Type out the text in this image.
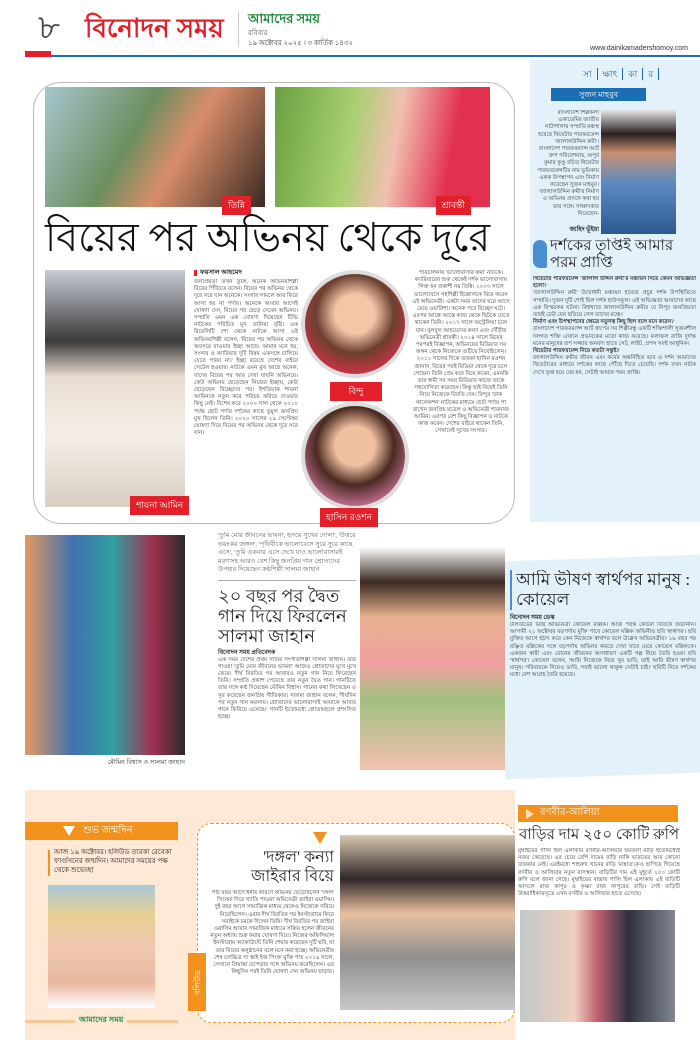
৮ বিনোদন সময়	আমাদের সময়
রবিবার
১৯ অক্টোবর ২০২৫ । ৩ কার্তিক ১৪৩২
www.dainikamadershomoy.com
তিন্নি	শ্রাবন্তী
বিয়ের পর অভিনয় থেকে দূরে
শায়না আমিন
ফয়সাল আহমেদ
জনপ্রিয়তা তখন তুঙ্গে, অনেক অভিনয়শিল্পী বিয়ের পিঁড়িতে বসেন। বিয়ের পর অভিনয় থেকে দূরে সরে যান অনেকে। সংসার সামলে আর ফিরে আসা হয় না পর্দায়। অনেকে আবার আগেই ঘোষণা দেন, বিয়ের পর ছেড়ে দেবেন অভিনয়। সম্প্রতি এমন এক ঘোষণা দিয়েছেন টিভি নাটকের পরিচিত মুখ তানিয়া বৃষ্টি। এক রিয়েলিটি শো থেকে নাটকে আসা এই অভিনয়শিল্পী বলেন, 'বিয়ের পর অভিনয় থেকে অবসরে যাওয়ার ইচ্ছা আছে। আমার মনে হয়, সংসার ও ক্যারিয়ার দুটি বিষয় একসঙ্গে চালিয়ে যেতে পারব না।' ইচ্ছা রয়েছে দেশের বাইরে সেটেল হওয়ার। নাটকে এমন মুখ আছে অনেক, যাদের বিয়ের পর আর দেখা যায়নি অভিনয়ে। কেউ অভিনয় ছেড়েছেন নিজের ইচ্ছায়, কেউ ছেড়েছেন বিচ্ছেদের পর। ইশতিয়াক শায়না আমিনকে নতুন করে পরিচয় করিয়ে দেওয়ার কিছু নেই। বিশেষ করে ২০০০ সাল থেকে ২০১০ পর্যন্ত ছোট পর্দার দর্শকের কাছে তুমুল জনপ্রিয় মুখ ছিলেন তিনি। ২০২০ সালের ২৯ সেপ্টেম্বর ঘোষণা দিয়ে বিয়ের পর অভিনয় থেকে দূরে সরে যান।
বিন্দু
হাসিন রওশন
পরিচালনায় 'ভালোবাসার কথা' নাটকে। ক্যারিয়ারের শুরু থেকেই দর্শক ভালোবাসায় সিক্ত হন প্রকাশী নয় তিন্নি। ২০০৩ সালে ভালোবেসে সহশিল্পী হিল্লোলকে বিয়ে করেন এই অভিনেত্রী। একটা সময় তাদের ঘরে আসে মেয়ে ওয়ারিশা। অনেক পরে বিচ্ছেদ ঘটে। এরপর আস্তে আস্তে কাজ থেকে ছিটকে যেতে থাকেন তিনি। ২০১৭ সালে অস্ট্রেলিয়া চলে যান। বুলবুল আহমেদের কন্যা এবং দৌঁড়ীর অভিনেত্রী শ্রাবন্তী। ২০১৪ সালে বিয়ের পরপরই বিজ্ঞাপন, অভিনয়ের মিডিয়ার সব অঙ্গন থেকে নিজেকে গুটিয়ে নিয়েছিলেন। ২০১১ সালের দিকে তারকা হাসিন রওশন জানান, বিয়ের পরই মিডিয়া থেকে দূরে চলে গেছেন। তিনি প্রেম করে বিয়ে করেন, এমনকি তার স্বামী সব সময় মিডিয়ার কাজে তাকে সহযোগিতা করেছেন। কিন্তু ছাই বিয়েই তিনি নিয়ে নিজেকে বিরতি দেন। বিন্দুর 'ডাক কালেকশন' নাটকের মাধ্যমে ছোট পর্দায় পা রাখেন জনপ্রিয় মডেল ও অভিনেত্রী শাবনাজ আমিন। এরপর বেশ কিছু বিজ্ঞাপন ও নাটকে কাজ করেন। দেশের বাইরে থাকেন তিনি, সেখানেই সুখের সংসার।
সা	ক্ষাৎ	কা	র
সুজন মাহবুব
বাংলাদেশ শিল্পকলা একাডেমির জাতীয় নাট্যশালায় সম্প্রতি মঞ্চস্থ হয়েছে থিয়েটার পারফরমেন্স 'জালালউদ্দিন রুমী'। বাংলাদেশ পারফরম্যান্স আর্ট গ্রুপ পরিবেশনায়, অপূর্ব কুমার কুণ্ডু রচিত থিয়েটার পারফরমেন্সটির নাম ভূমিকায় একক উপস্থাপন এবং নির্মাণ করেছেন সুজন মাহবুব। 'জালালউদ্দিন রুমী'র নির্মাণ ও অভিনয় প্রসঙ্গে কথা হয় তার সঙ্গে। সাক্ষাৎকার নিয়েছেন-
জাহিদ ভূঁইয়া
দর্শকের তৃপ্তিই আমার পরম প্রাপ্তি
থিয়েটার পারফরমেন্স 'জালাল উদ্দিন রুমী'র মঞ্চায়ন নিয়ে কেমন অভিজ্ঞতা হলো?
'জালালউদ্দিন রুমী' উদ্বোধনী মঞ্চায়ন হয়েছে প্রচুর দর্শক উপস্থিতিতে সম্প্রতি। দুজন দুটি শোই ছিল দর্শক হাউসফুল। এই অভিজ্ঞতা আমাদের কাছে এক বিস্ময়কর ঘটনা। বিশ্বখ্যাত জালালউদ্দিন রুমীর যে নিগূঢ় জনপ্রিয়তা তারই ঢেউ যেন ছড়িয়ে গেল তাদের মঞ্চে।
নির্মাণ এবং উপস্থাপনের ক্ষেত্রে নতুনত্ব কিছু ছিল বলে মনে করেন?
বাংলাদেশ পারফরম্যান্স আর্ট গ্রুপের সব শিল্পীবন্ধু একটি শক্তিশালী সুজনশীল দলগত শক্তি এখানে প্রভাবকের মতো কাজ করেছে। ফলাফল রাজি দুর্দান্ত মনের মানুষের রূপ সজ্জার অনবদ্য হাতে সেট, লাইট, প্রপস সবই আধুনিক।
থিয়েটার পারফরমেন্স নিয়ে কতটা সন্তুষ্ট?
জালালউদ্দিন রুমীর জীবন এবং কর্মের অন্তর্নিহিত ভাব ও দর্শন আমাদের থিয়েটারের মাধ্যমে দর্শকের কাছে পৌঁছে দিতে চেয়েছি। দর্শক যখন নাটক দেখে তৃপ্ত হয়ে বের হন, সেটাই আমার পরম প্রাপ্তি।
মৌমিন বিশ্বাস ও সালমা জাহান
'তুমি মোর জীবনের ভাবনা, হৃদয়ে সুখের দোলা', 'উত্তরে ভয়ংকর জঙ্গল', 'পৃথিবীকে ভালোবেসে সুরে সুরে কাছে এসে', 'তুমি একবার এসে দেখে যাও ভালোবাসারই মরণ'সহ আরও বেশ কিছু জনপ্রিয় গান শ্রোতাদের উপহার দিয়েছেন কণ্ঠশিল্পী সালমা জাহান
২০ বছর পর দ্বৈত গান দিয়ে ফিরলেন সালমা জাহান
বিনোদন সময় প্রতিবেদক
এক সময় দেশের প্রথম সারির সংগীতশিল্পী সালমা জাহান। তার গাওয়া 'তুমি মোর জীবনের ভাবনা' আজও শ্রোতাদের মুখে মুখে ফেরে। দীর্ঘ বিরতির পর আবারও নতুন গান নিয়ে ফিরেছেন তিনি। সম্প্রতি প্রকাশ পেয়েছে তার নতুন দ্বৈত গান। গানটিতে তার সঙ্গে কণ্ঠ দিয়েছেন মৌমিন বিশ্বাস। গানের কথা লিখেছেন ও সুর করেছেন জনপ্রিয় গীতিকার। সালমা জাহান বলেন, 'দীর্ঘদিন পর নতুন গান করলাম। শ্রোতাদের ভালোবাসাই আমাকে আবার গানে ফিরিয়ে এনেছে।' গানটি ইতোমধ্যে শ্রোতামহলে প্রশংসিত হচ্ছে।
আমি ভীষণ স্বার্থপর মানুষ : কোয়েল
বিনোদন সময় ডেস্ক
টলিউডের মিষ্টি অভিনেত্রী কোয়েল মল্লিক। আজ পর্যন্ত কোনো বিতর্কে জড়াননি। আগামী ২১ অক্টোবর বড়পর্দায় মুক্তি পাবে কোয়েল মল্লিক অভিনীত ছবি 'স্বার্থপর'। ছবি মুক্তির আগে হঠাৎ করে কেন নিজেকে স্বার্থপর বলে উল্লেখ অভিনেত্রীর? ১৬ বছর পর রঞ্জিত মল্লিকের সঙ্গে বড়পর্দায় অভিনয় করতে দেখা যাবে মেয়ে কোয়েল মল্লিককে। একজন স্বামী এবং বোনের জীবনের অসাধারণ একটি গল্প নিয়ে তৈরি হওয়া ছবি 'স্বার্থপর'। কোয়েল বলেন, 'আমি নিজেকে নিয়ে খুব ভাবি, তাই আমি ভীষণ স্বার্থপর মানুষ। পরিবারকে নিয়েও ভাবি, সবাই ভালো থাকুক সেটাই চাই।' ছবিটি নিয়ে দর্শকের মধ্যে বেশ আগ্রহ তৈরি হয়েছে।
শুভ জন্মদিন
আজ ১৯ অক্টোবর। হলিউড তারকা রেবেকা ফার্গুসনের জন্মদিন। আমাদের সময়ের পক্ষ থেকে শুভেচ্ছা
আমাদের সময়
'দঙ্গল' কন্যা জাইরার বিয়ে
পাঁচ বছর আগে ধর্মীয় কারণে অভিনয় ছেড়েছিলেন 'দঙ্গল' সিনেমা দিয়ে খ্যাতি পাওয়া অভিনেত্রী জাইরা ওয়াসিম। দুই বছর আগে সামাজিক মাধ্যম থেকেও নিজেকে সরিয়ে নিয়েছিলেন। এবার দীর্ঘ বিরতির পর ইনস্টাগ্রামে ফিরে সবাইকে চমকে দিলেন তিনি। দীর্ঘ বিরতির পর জাইরা ওয়াসিম আবার সামাজিক মাধ্যমে সক্রিয় হলেন জীবনের নতুন অধ্যায় শুরু করার ঘোষণা দিয়ে। নিজের অফিসিয়াল ইনস্টাগ্রাম অ্যাকাউন্টে তিনি শেয়ার করেছেন দুটি ছবি, যা তার বিয়ের অনুষ্ঠানের বলে মনে করা হচ্ছে। অভিনেত্রীর শেষ চলচ্চিত্র 'দ্য স্কাই ইজ পিংক' মুক্তি পায় ২০১৯ সালে, সেখানে প্রিয়াঙ্কা চোপড়ার সঙ্গে অভিনয় করেছিলেন। এর কিছুদিন পরই তিনি ঘোষণা দেন অভিনয় ছাড়ার।
বলিউড
রণবীর-আলিয়া
বাড়ির দাম ২৫০ কোটি রুপি
মুম্বাইয়ের পালি হিল এলাকায় রণবীর-আলিয়ার ছয়তলা বাড়ি ইতোমধ্যেই নজর কেড়েছে। এর চেয়ে বেশি দামের বাড়ি নাকি ভারতের আর কোনো তারকার নেই। এরইমধ্যে শাহরুখ খানের বাড়ি 'মান্নাত'কেও ছাপিয়ে গিয়েছে রণবীর ও আলিয়ার নতুন বাসস্থান। বাড়িটির দাম এই মুহূর্তে ২৫০ কোটি রুপি বলে জানা গেছে। মুম্বাইয়ের বান্দ্রার পালি হিল এলাকায় এই বাড়িটি আসলে রাজ কাপুর ও কৃষ্ণা রাজ কাপুরের বাড়ি। সেই বাড়িটি উত্তরাধিকারসূত্রে এখন রণবীর ও আলিয়ার হাতে এসেছে।
